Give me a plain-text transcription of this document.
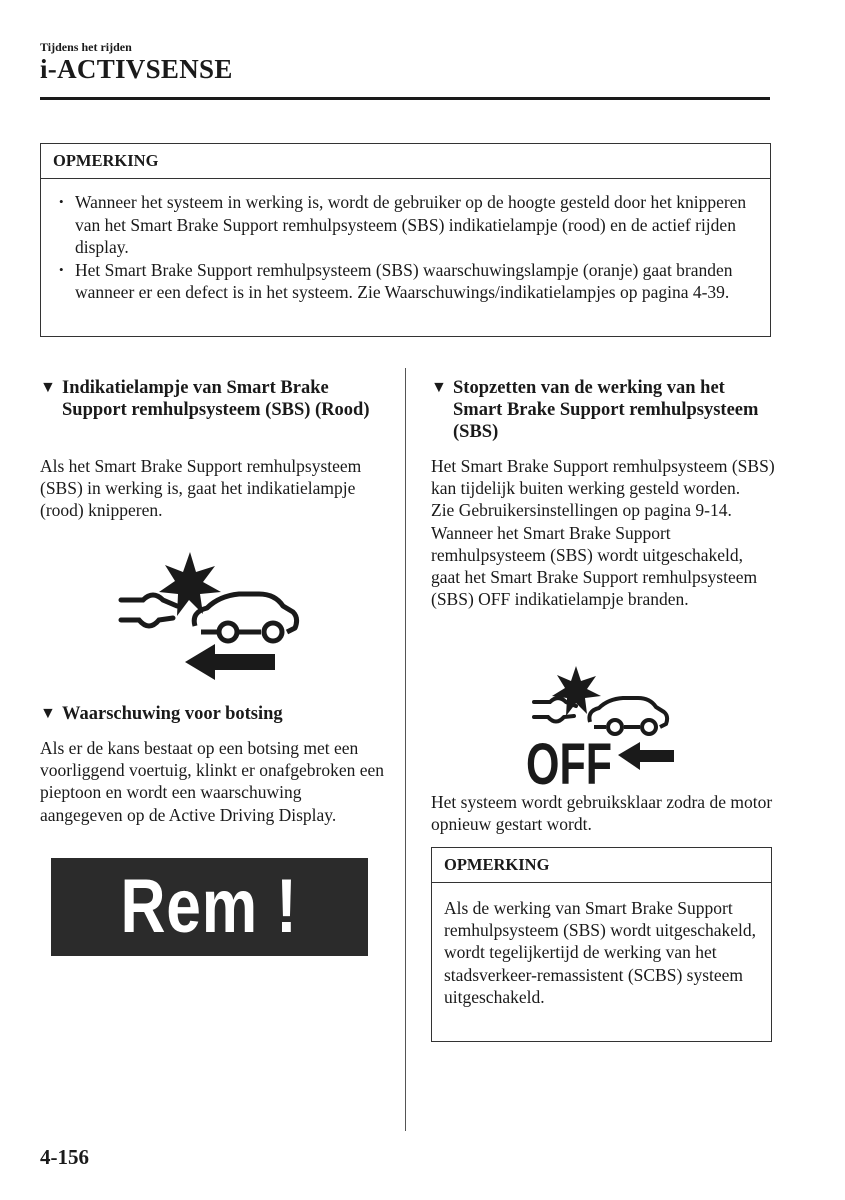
Tijdens het rijden
i-ACTIVSENSE
OPMERKING
• Wanneer het systeem in werking is, wordt de gebruiker op de hoogte gesteld door het knipperen van het Smart Brake Support remhulpsysteem (SBS) indikatielampje (rood) en de actief rijden display.
• Het Smart Brake Support remhulpsysteem (SBS) waarschuwingslampje (oranje) gaat branden wanneer er een defect is in het systeem. Zie Waarschuwings/indikatielampjes op pagina 4-39.
▼ Indikatielampje van Smart Brake Support remhulpsysteem (SBS) (Rood)
Als het Smart Brake Support remhulpsysteem (SBS) in werking is, gaat het indikatielampje (rood) knipperen.
▼ Waarschuwing voor botsing
Als er de kans bestaat op een botsing met een voorliggend voertuig, klinkt er onafgebroken een pieptoon en wordt een waarschuwing aangegeven op de Active Driving Display.
Rem !
▼ Stopzetten van de werking van het Smart Brake Support remhulpsysteem (SBS)
Het Smart Brake Support remhulpsysteem (SBS) kan tijdelijk buiten werking gesteld worden.
Zie Gebruikersinstellingen op pagina 9-14.
Wanneer het Smart Brake Support remhulpsysteem (SBS) wordt uitgeschakeld, gaat het Smart Brake Support remhulpsysteem (SBS) OFF indikatielampje branden.
OFF
Het systeem wordt gebruiksklaar zodra de motor opnieuw gestart wordt.
OPMERKING
Als de werking van Smart Brake Support remhulpsysteem (SBS) wordt uitgeschakeld, wordt tegelijkertijd de werking van het stadsverkeer-remassistent (SCBS) systeem uitgeschakeld.
4-156
